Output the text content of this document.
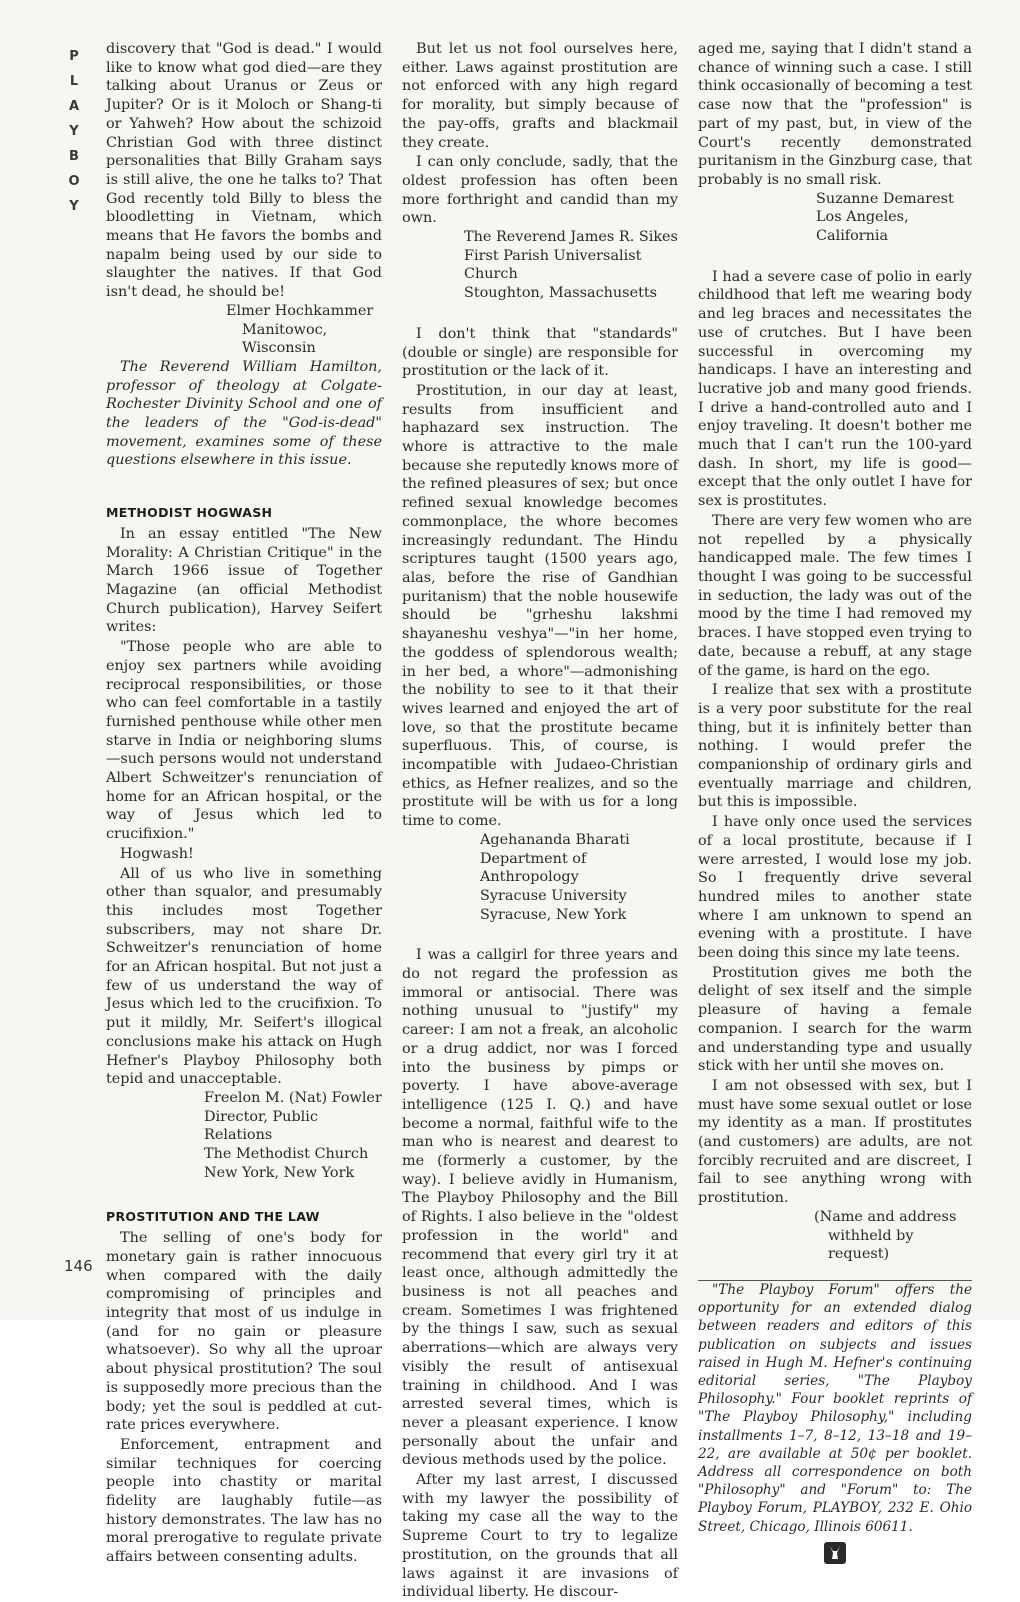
P
L
A
Y
B
O
Y

discovery that "God is dead." I would like to know what god died—are they talking about Uranus or Zeus or Jupiter? Or is it Moloch or Shang-ti or Yahweh? How about the schizoid Christian God with three distinct personalities that Billy Graham says is still alive, the one he talks to? That God recently told Billy to bless the bloodletting in Vietnam, which means that He favors the bombs and napalm being used by our side to slaughter the natives. If that God isn't dead, he should be!

Elmer Hochkammer
Manitowoc, Wisconsin

The Reverend William Hamilton, professor of theology at Colgate-Rochester Divinity School and one of the leaders of the "God-is-dead" movement, examines some of these questions elsewhere in this issue.

METHODIST HOGWASH

In an essay entitled "The New Morality: A Christian Critique" in the March 1966 issue of Together Magazine (an official Methodist Church publication), Harvey Seifert writes:

"Those people who are able to enjoy sex partners while avoiding reciprocal responsibilities, or those who can feel comfortable in a tastily furnished penthouse while other men starve in India or neighboring slums—such persons would not understand Albert Schweitzer's renunciation of home for an African hospital, or the way of Jesus which led to crucifixion."

Hogwash!

All of us who live in something other than squalor, and presumably this includes most Together subscribers, may not share Dr. Schweitzer's renunciation of home for an African hospital. But not just a few of us understand the way of Jesus which led to the crucifixion. To put it mildly, Mr. Seifert's illogical conclusions make his attack on Hugh Hefner's Playboy Philosophy both tepid and unacceptable.

Freelon M. (Nat) Fowler
Director, Public Relations
The Methodist Church
New York, New York
PROSTITUTION AND THE LAW

The selling of one's body for monetary gain is rather innocuous when compared with the daily compromising of principles and integrity that most of us indulge in (and for no gain or pleasure whatsoever). So why all the uproar about physical prostitution? The soul is supposedly more precious than the body; yet the soul is peddled at cut-rate prices everywhere.

Enforcement, entrapment and similar techniques for coercing people into chastity or marital fidelity are laughably futile—as history demonstrates. The law has no moral prerogative to regulate private affairs between consenting adults.

But let us not fool ourselves here, either. Laws against prostitution are not enforced with any high regard for morality, but simply because of the pay-offs, grafts and blackmail they create.

I can only conclude, sadly, that the oldest profession has often been more forthright and candid than my own.

The Reverend James R. Sikes
First Parish Universalist Church
Stoughton, Massachusetts

I don't think that "standards" (double or single) are responsible for prostitution or the lack of it.

Prostitution, in our day at least, results from insufficient and haphazard sex instruction. The whore is attractive to the male because she reputedly knows more of the refined pleasures of sex; but once refined sexual knowledge becomes commonplace, the whore becomes increasingly redundant. The Hindu scriptures taught (1500 years ago, alas, before the rise of Gandhian puritanism) that the noble housewife should be "grheshu lakshmi shayaneshu veshya"—"in her home, the goddess of splendorous wealth; in her bed, a whore"—admonishing the nobility to see to it that their wives learned and enjoyed the art of love, so that the prostitute became superfluous. This, of course, is incompatible with Judaeo-Christian ethics, as Hefner realizes, and so the prostitute will be with us for a long time to come.

Agehananda Bharati
Department of Anthropology
Syracuse University
Syracuse, New York

I was a callgirl for three years and do not regard the profession as immoral or antisocial. There was nothing unusual to "justify" my career: I am not a freak, an alcoholic or a drug addict, nor was I forced into the business by pimps or poverty. I have above-average intelligence (125 I. Q.) and have become a normal, faithful wife to the man who is nearest and dearest to me (formerly a customer, by the way). I believe avidly in Humanism, The Playboy Philosophy and the Bill of Rights. I also believe in the "oldest profession in the world" and recommend that every girl try it at least once, although admittedly the business is not all peaches and cream. Sometimes I was frightened by the things I saw, such as sexual aberrations—which are always very visibly the result of antisexual training in childhood. And I was arrested several times, which is never a pleasant experience. I know personally about the unfair and devious methods used by the police.

After my last arrest, I discussed with my lawyer the possibility of taking my case all the way to the Supreme Court to try to legalize prostitution, on the grounds that all laws against it are invasions of individual liberty. He discour-

aged me, saying that I didn't stand a chance of winning such a case. I still think occasionally of becoming a test case now that the "profession" is part of my past, but, in view of the Court's recently demonstrated puritanism in the Ginzburg case, that probably is no small risk.

Suzanne Demarest
Los Angeles, California

I had a severe case of polio in early childhood that left me wearing body and leg braces and necessitates the use of crutches. But I have been successful in overcoming my handicaps. I have an interesting and lucrative job and many good friends. I drive a hand-controlled auto and I enjoy traveling. It doesn't bother me much that I can't run the 100-yard dash. In short, my life is good—except that the only outlet I have for sex is prostitutes.

There are very few women who are not repelled by a physically handicapped male. The few times I thought I was going to be successful in seduction, the lady was out of the mood by the time I had removed my braces. I have stopped even trying to date, because a rebuff, at any stage of the game, is hard on the ego.

I realize that sex with a prostitute is a very poor substitute for the real thing, but it is infinitely better than nothing. I would prefer the companionship of ordinary girls and eventually marriage and children, but this is impossible.

I have only once used the services of a local prostitute, because if I were arrested, I would lose my job. So I frequently drive several hundred miles to another state where I am unknown to spend an evening with a prostitute. I have been doing this since my late teens.

Prostitution gives me both the delight of sex itself and the simple pleasure of having a female companion. I search for the warm and understanding type and usually stick with her until she moves on.

I am not obsessed with sex, but I must have some sexual outlet or lose my identity as a man. If prostitutes (and customers) are adults, are not forcibly recruited and are discreet, I fail to see anything wrong with prostitution.

(Name and address
withheld by request)

"The Playboy Forum" offers the opportunity for an extended dialog between readers and editors of this publication on subjects and issues raised in Hugh M. Hefner's continuing editorial series, "The Playboy Philosophy." Four booklet reprints of "The Playboy Philosophy," including installments 1–7, 8–12, 13–18 and 19–22, are available at 50¢ per booklet. Address all correspondence on both "Philosophy" and "Forum" to: The Playboy Forum, PLAYBOY, 232 E. Ohio Street, Chicago, Illinois 60611.

146
